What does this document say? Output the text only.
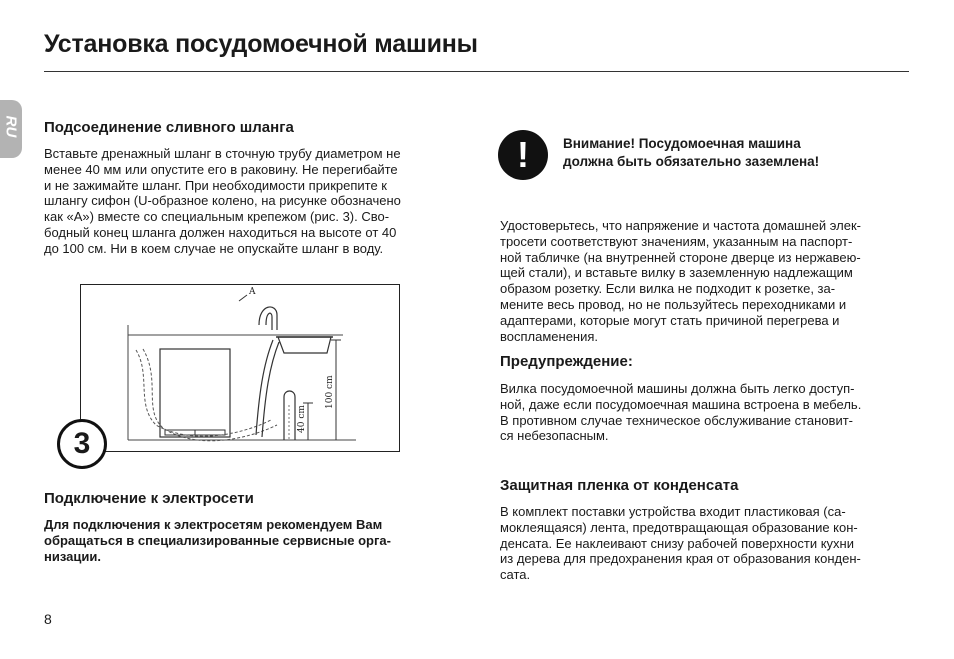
Установка посудомоечной машины
RU Подсоединение сливного шланга
Вставьте дренажный шланг в сточную трубу диаметром не
менее 40 мм или опустите его в раковину. Не перегибайте
и не зажимайте шланг. При необходимости прикрепите к
шлангу сифон (U-образное колено, на рисунке обозначено
как «А») вместе со специальным крепежом (рис. 3). Сво-
бодный конец шланга должен находиться на высоте от 40
до 100 см. Ни в коем случае не опускайте шланг в воду.
A
40 cm
100 cm
3
Подключение к электросети
Для подключения к электросетям рекомендуем Вам
обращаться в специализированные сервисные орга-
низации.
8
!	Внимание! Посудомоечная машина
должна быть обязательно заземлена!
Удостоверьтесь, что напряжение и частота домашней элек-
тросети соответствуют значениям, указанным на паспорт-
ной табличке (на внутренней стороне дверце из нержавею-
щей стали), и вставьте вилку в заземленную надлежащим
образом розетку. Если вилка не подходит к розетке, за-
мените весь провод, но не пользуйтесь переходниками и
адаптерами, которые могут стать причиной перегрева и
воспламенения.
Предупреждение:
Вилка посудомоечной машины должна быть легко доступ-
ной, даже если посудомоечная машина встроена в мебель.
В противном случае техническое обслуживание становит-
ся небезопасным.
Защитная пленка от конденсата
В комплект поставки устройства входит пластиковая (са-
моклеящаяся) лента, предотвращающая образование кон-
денсата. Ее наклеивают снизу рабочей поверхности кухни
из дерева для предохранения края от образования конден-
сата.
